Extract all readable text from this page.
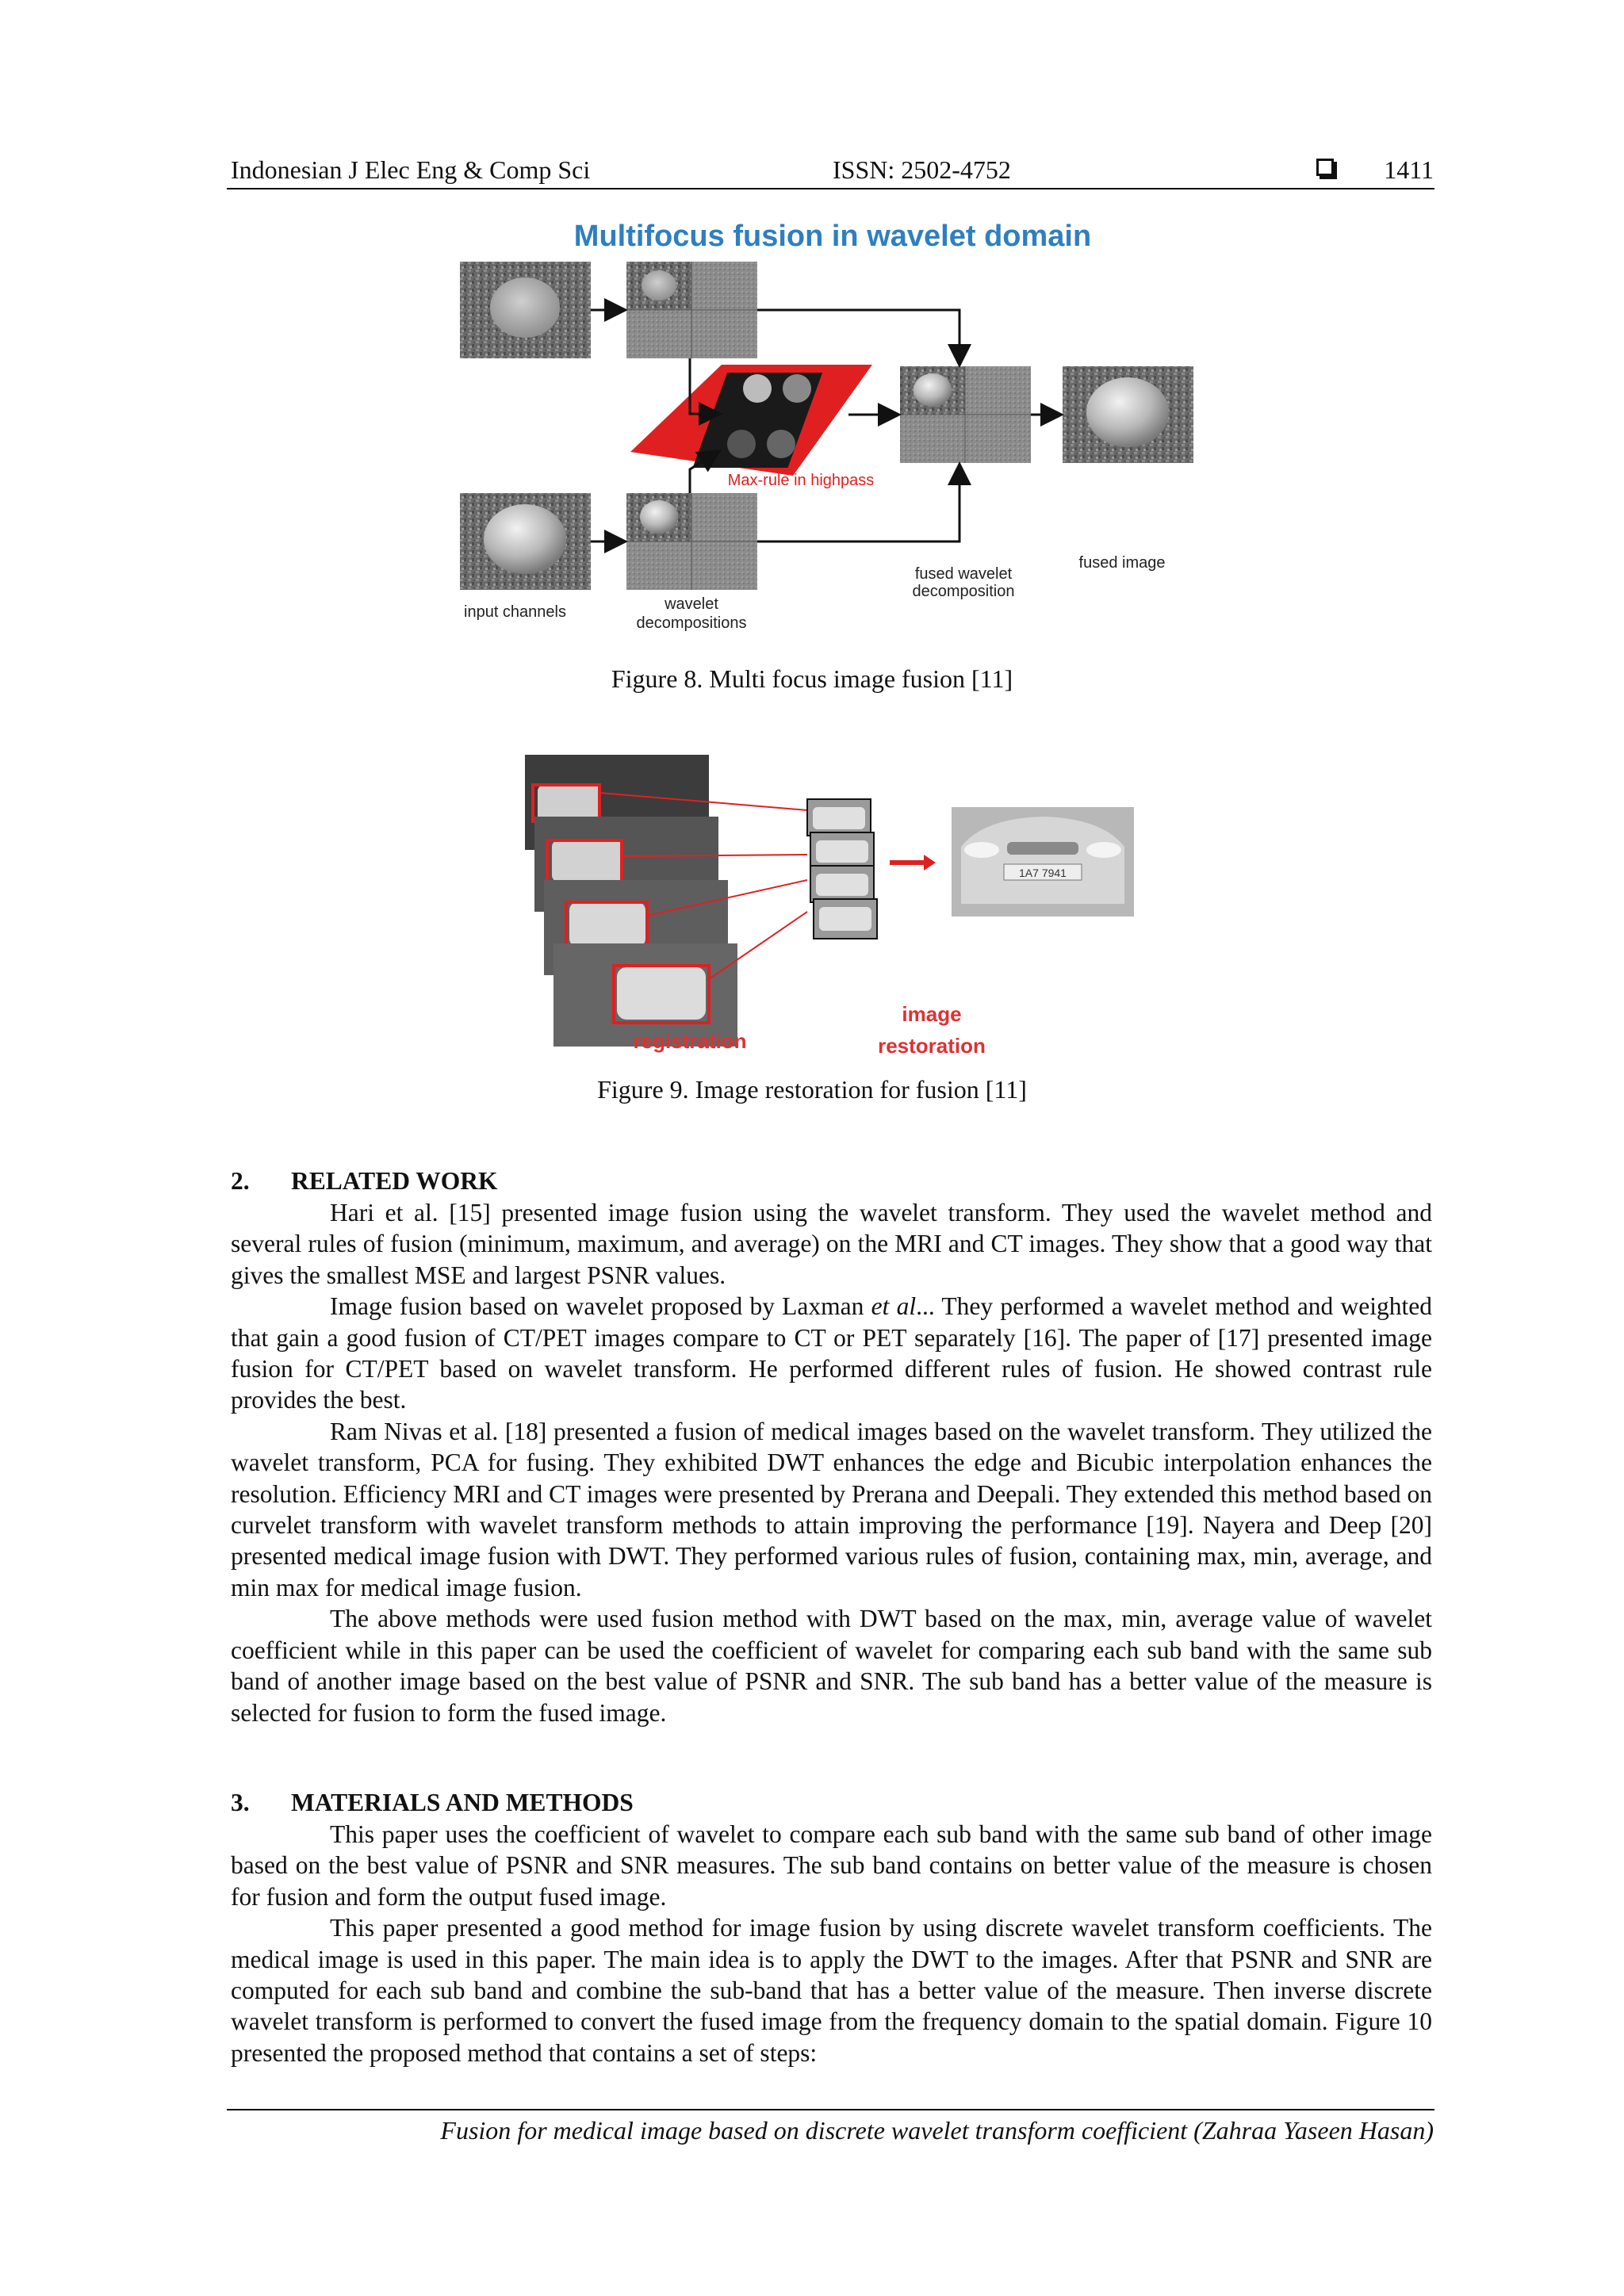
Indonesian J Elec Eng & Comp Sci	ISSN: 2502-4752	1411
Multifocus fusion in wavelet domain
Max-rule in highpass
input channels	wavelet
decompositions
fused wavelet
decomposition
fused image
Figure 8. Multi focus image fusion [11]
1A7 7941
registration
image
restoration
Figure 9. Image restoration for fusion [11]
2. RELATED WORK

Hari et al. [15] presented image fusion using the wavelet transform. They used the wavelet method and several rules of fusion (minimum, maximum, and average) on the MRI and CT images. They show that a good way that gives the smallest MSE and largest PSNR values.

Image fusion based on wavelet proposed by Laxman et al... They performed a wavelet method and weighted that gain a good fusion of CT/PET images compare to CT or PET separately [16]. The paper of [17] presented image fusion for CT/PET based on wavelet transform. He performed different rules of fusion. He showed contrast rule provides the best.

Ram Nivas et al. [18] presented a fusion of medical images based on the wavelet transform. They utilized the wavelet transform, PCA for fusing. They exhibited DWT enhances the edge and Bicubic interpolation enhances the resolution. Efficiency MRI and CT images were presented by Prerana and Deepali. They extended this method based on curvelet transform with wavelet transform methods to attain improving the performance [19]. Nayera and Deep [20] presented medical image fusion with DWT. They performed various rules of fusion, containing max, min, average, and min max for medical image fusion.

The above methods were used fusion method with DWT based on the max, min, average value of wavelet coefficient while in this paper can be used the coefficient of wavelet for comparing each sub band with the same sub band of another image based on the best value of PSNR and SNR. The sub band has a better value of the measure is selected for fusion to form the fused image.

3. MATERIALS AND METHODS

This paper uses the coefficient of wavelet to compare each sub band with the same sub band of other image based on the best value of PSNR and SNR measures. The sub band contains on better value of the measure is chosen for fusion and form the output fused image.

This paper presented a good method for image fusion by using discrete wavelet transform coefficients. The medical image is used in this paper. The main idea is to apply the DWT to the images. After that PSNR and SNR are computed for each sub band and combine the sub-band that has a better value of the measure. Then inverse discrete wavelet transform is performed to convert the fused image from the frequency domain to the spatial domain. Figure 10 presented the proposed method that contains a set of steps:

Fusion for medical image based on discrete wavelet transform coefficient (Zahraa Yaseen Hasan)
